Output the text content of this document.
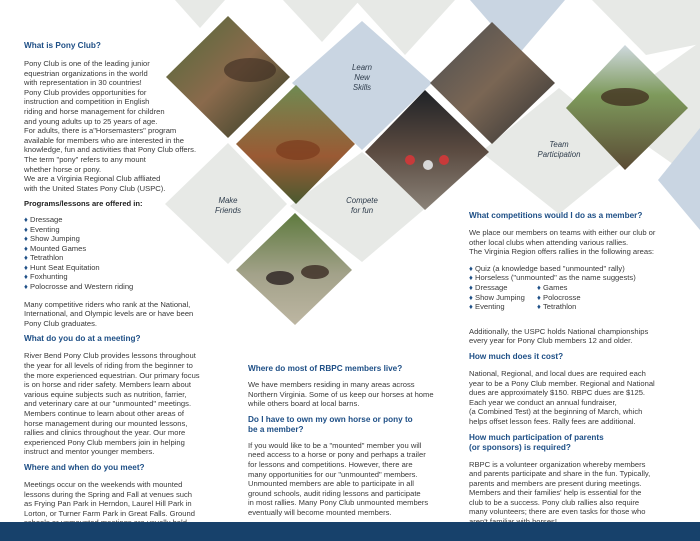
Learn
New
Skills
Team
Participation
Make
Friends
Compete
for fun

What is Pony Club?

Pony Club is one of the leading junior
equestrian organizations in the world
with representation in 30 countries!
Pony Club provides opportunities for
instruction and competition in English
riding and horse management for children
and young adults up to 25 years of age.
For adults, there is a"Horsemasters" program
available for members who are interested in the
knowledge, fun and activities that Pony Club offers.
The term "pony" refers to any mount
whether horse or pony.
We are a Virginia Regional Club affliated
with the United States Pony Club (USPC).

Programs/lessons are offered in:

♦ Dressage
♦ Eventing
♦ Show Jumping
♦ Mounted Games
♦ Tetrathlon
♦ Hunt Seat Equitation
♦ Foxhunting
♦ Polocrosse and Western riding
Many competitive riders who rank at the National,
International, and Olympic levels are or have been
Pony Club graduates.

What do you do at a meeting?

River Bend Pony Club provides lessons throughout
the year for all levels of riding from the beginner to
the more experienced equestrian. Our primary focus
is on horse and rider safety. Members learn about
various equine subjects such as nutrition, farrier,
and veterinary care at our "unmounted" meetings.
Members continue to learn about other areas of
horse management during our mounted lessons,
rallies and clinics throughout the year. Our more
experienced Pony Club members join in helping
instruct and mentor younger members.

Where and when do you meet?

Meetings occur on the weekends with mounted
lessons during the Spring and Fall at venues such
as Frying Pan Park in Herndon, Laurel Hill Park in
Lorton, or Turner Farm Park in Great Falls. Ground

Where do most of RBPC members live?

We have members residing in many areas across
Northern Virginia. Some of us keep our horses at home
while others board at local barns.
Do I have to own my own horse or pony to
be a member?
If you would like to be a "mounted" member you will
need access to a horse or pony and perhaps a trailer
for lessons and competitions. However, there are
many opportunities for our "unmounted" members.
Unmounted members are able to participate in all
ground schools, audit riding lessons and participate
in most rallies. Many Pony Club unmounted members
eventually will become mounted members.

What competitions would I do as a member?

We place our members on teams with either our club or
other local clubs when attending various rallies.
The Virginia Region offers rallies in the following areas:
♦ Quiz (a knowledge based "unmounted" rally)
♦ Horseless ("unmounted" as the name suggests)
♦ Dressage	♦ Games
♦ Show Jumping	♦ Polocrosse
♦ Eventing	♦ Tetrathlon
Additionally, the USPC holds National championships
every year for Pony Club members 12 and older.

How much does it cost?

National, Regional, and local dues are required each
year to be a Pony Club member. Regional and National
dues are approximately $150. RBPC dues are $125.
Each year we conduct an annual fundraiser,
(a Combined Test) at the beginning of March, which
helps offset lesson fees. Rally fees are additional.
How much participation of parents
(or sponsors) is required?
RBPC is a volunteer organization whereby members
and parents participate and share in the fun. Typically,
parents and members are present during meetings.
Members and their families' help is essential for the
club to be a success. Pony club rallies also require
many volunteers; there are even tasks for those who
